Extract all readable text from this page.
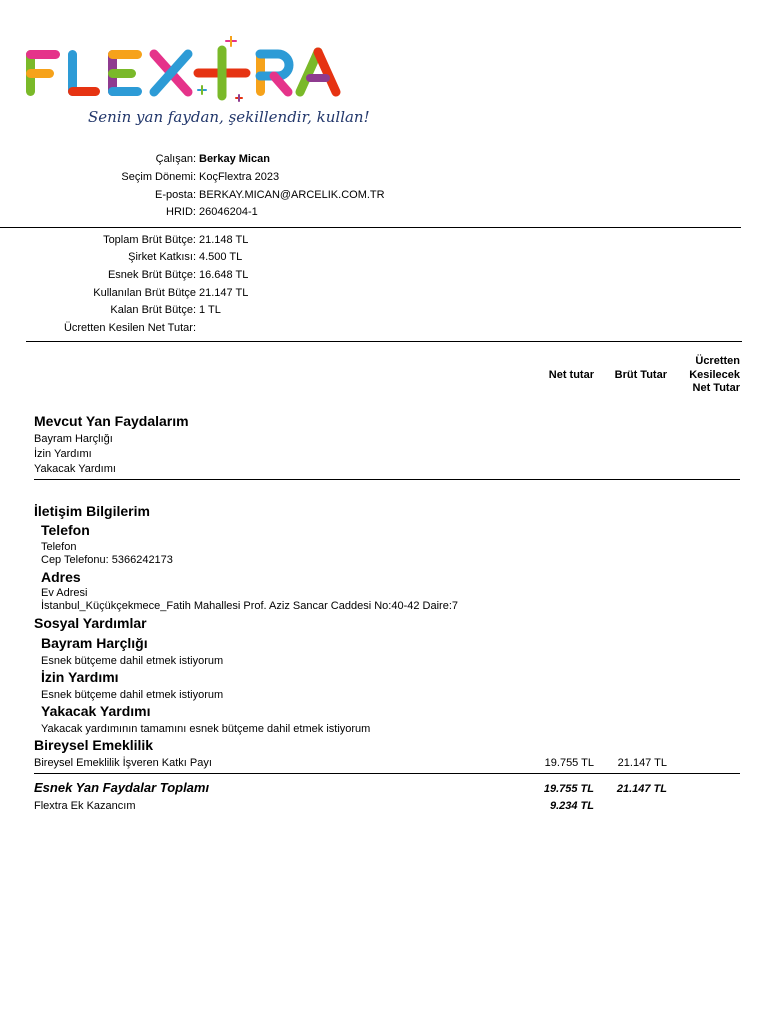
Senin yan faydan, şekillendir, kullan!
Çalışan: Berkay Mican
Seçim Dönemi: KoçFlextra 2023
E-posta: BERKAY.MICAN@ARCELIK.COM.TR
HRID: 26046204-1
Toplam Brüt Bütçe: 21.148 TL
Şirket Katkısı: 4.500 TL
Esnek Brüt Bütçe: 16.648 TL
Kullanılan Brüt Bütçe 21.147 TL
Kalan Brüt Bütçe: 1 TL
Ücretten Kesilen Net Tutar:
Net tutar Brüt Tutar
Ücretten
Kesilecek
Net Tutar
Mevcut Yan Faydalarım
Bayram Harçlığı
İzin Yardımı
Yakacak Yardımı
İletişim Bilgilerim
Telefon
Telefon
Cep Telefonu: 5366242173
Adres
Ev Adresi
İstanbul_Küçükçekmece_Fatih Mahallesi Prof. Aziz Sancar Caddesi No:40-42 Daire:7
Sosyal Yardımlar
Bayram Harçlığı
Esnek bütçeme dahil etmek istiyorum
İzin Yardımı
Esnek bütçeme dahil etmek istiyorum
Yakacak Yardımı
Yakacak yardımının tamamını esnek bütçeme dahil etmek istiyorum
Bireysel Emeklilik
Bireysel Emeklilik İşveren Katkı Payı	19.755 TL 21.147 TL
Esnek Yan Faydalar Toplamı	19.755 TL 21.147 TL
Flextra Ek Kazancım	9.234 TL
